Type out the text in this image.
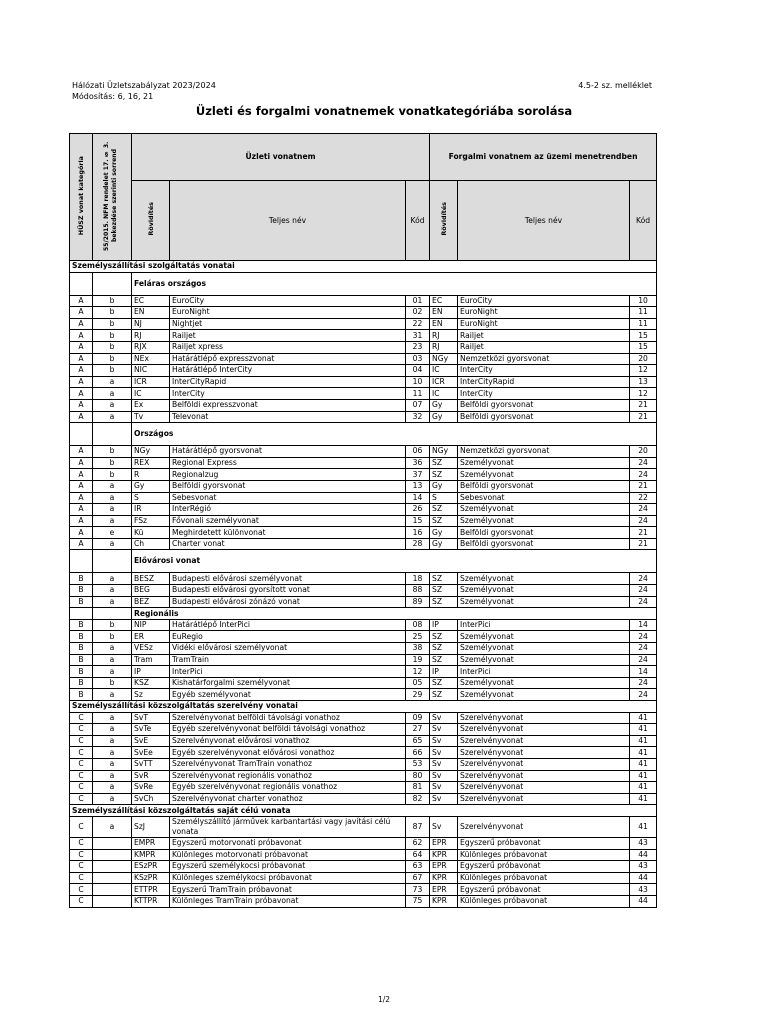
Hálózati Üzletszabályzat 2023/2024
Módosítás: 6, 16, 21
4.5-2 sz. melléklet
Üzleti és forgalmi vonatnemek vonatkategóriába sorolása
HÜSZ vonat kategória	55/2015. NFM rendelet 17. § 3. bekezdése szerinti sorrend	Üzleti vonatnem			Forgalmi vonatnem az üzemi menetrendben		
		Rövidítés	Teljes név	Kód	Rövidítés	Teljes név	Kód
Személyszállítási szolgáltatás vonatai							
		Feláras országos					
A	b	EC	EuroCity	01	EC	EuroCity	10
A	b	EN	EuroNight	02	EN	EuroNight	11
A	b	NJ	Nightjet	22	EN	EuroNight	11
A	b	RJ	Railjet	31	RJ	Railjet	15
A	b	RJX	Railjet xpress	23	RJ	Railjet	15
A	b	NEx	Határátlépő expresszvonat	03	NGy	Nemzetközi gyorsvonat	20
A	b	NIC	Határátlépő InterCity	04	IC	InterCity	12
A	a	ICR	InterCityRapid	10	ICR	InterCityRapid	13
A	a	IC	InterCity	11	IC	InterCity	12
A	a	Ex	Belföldi expresszvonat	07	Gy	Belföldi gyorsvonat	21
A	a	Tv	Televonat	32	Gy	Belföldi gyorsvonat	21
		Országos					
A	b	NGy	Határátlépő gyorsvonat	06	NGy	Nemzetközi gyorsvonat	20
A	b	REX	Regional Express	36	SZ	Személyvonat	24
A	b	R	Regionalzug	37	SZ	Személyvonat	24
A	a	Gy	Belföldi gyorsvonat	13	Gy	Belföldi gyorsvonat	21
A	a	S	Sebesvonat	14	S	Sebesvonat	22
A	a	IR	InterRégió	26	SZ	Személyvonat	24
A	a	FSz	Fővonali személyvonat	15	SZ	Személyvonat	24
A	e	Kü	Meghirdetett különvonat	16	Gy	Belföldi gyorsvonat	21
A	a	Ch	Charter vonat	28	Gy	Belföldi gyorsvonat	21
		Elővárosi vonat					
B	a	BESZ	Budapesti elővárosi személyvonat	18	SZ	Személyvonat	24
B	a	BEG	Budapesti elővárosi gyorsított vonat	88	SZ	Személyvonat	24
B	a	BEZ	Budapesti elővárosi zónázó vonat	89	SZ	Személyvonat	24
		Regionális					
B	b	NIP	Határátlépő InterPici	08	IP	InterPici	14
B	b	ER	EuRegio	25	SZ	Személyvonat	24
B	a	VESz	Vidéki elővárosi személyvonat	38	SZ	Személyvonat	24
B	a	Tram	TramTrain	19	SZ	Személyvonat	24
B	a	IP	InterPici	12	IP	InterPici	14
B	b	KSZ	Kishatárforgalmi személyvonat	05	SZ	Személyvonat	24
B	a	Sz	Egyéb személyvonat	29	SZ	Személyvonat	24
Személyszállítási közszolgáltatás szerelvény vonatai							
C	a	SvT	Szerelvényvonat belföldi távolsági vonathoz	09	Sv	Szerelvényvonat	41
C	a	SvTe	Egyéb szerelvényvonat belföldi távolsági vonathoz	27	Sv	Szerelvényvonat	41
C	a	SvE	Szerelvényvonat elővárosi vonathoz	65	Sv	Szerelvényvonat	41
C	a	SvEe	Egyéb szerelvényvonat elővárosi vonathoz	66	Sv	Szerelvényvonat	41
C	a	SvTT	Szerelvényvonat TramTrain vonathoz	53	Sv	Szerelvényvonat	41
C	a	SvR	Szerelvényvonat regionális vonathoz	80	Sv	Szerelvényvonat	41
C	a	SvRe	Egyéb szerelvényvonat regionális vonathoz	81	Sv	Szerelvényvonat	41
C	a	SvCh	Szerelvényvonat charter vonathoz	82	Sv	Szerelvényvonat	41
Személyszállítási közszolgáltatás saját célú vonata							
C	a	SzJ	Személyszállító járművek karbantartási vagy javítási célú vonata	87	Sv	Szerelvényvonat	41
C		EMPR	Egyszerű motorvonati próbavonat	62	EPR	Egyszerű próbavonat	43
C		KMPR	Különleges motorvonati próbavonat	64	KPR	Különleges próbavonat	44
C		ESzPR	Egyszerű személykocsi próbavonat	63	EPR	Egyszerű próbavonat	43
C		KSzPR	Különleges személykocsi próbavonat	67	KPR	Különleges próbavonat	44
C		ETTPR	Egyszerű TramTrain próbavonat	73	EPR	Egyszerű próbavonat	43
C		KTTPR	Különleges TramTrain próbavonat	75	KPR	Különleges próbavonat	44
1/2
